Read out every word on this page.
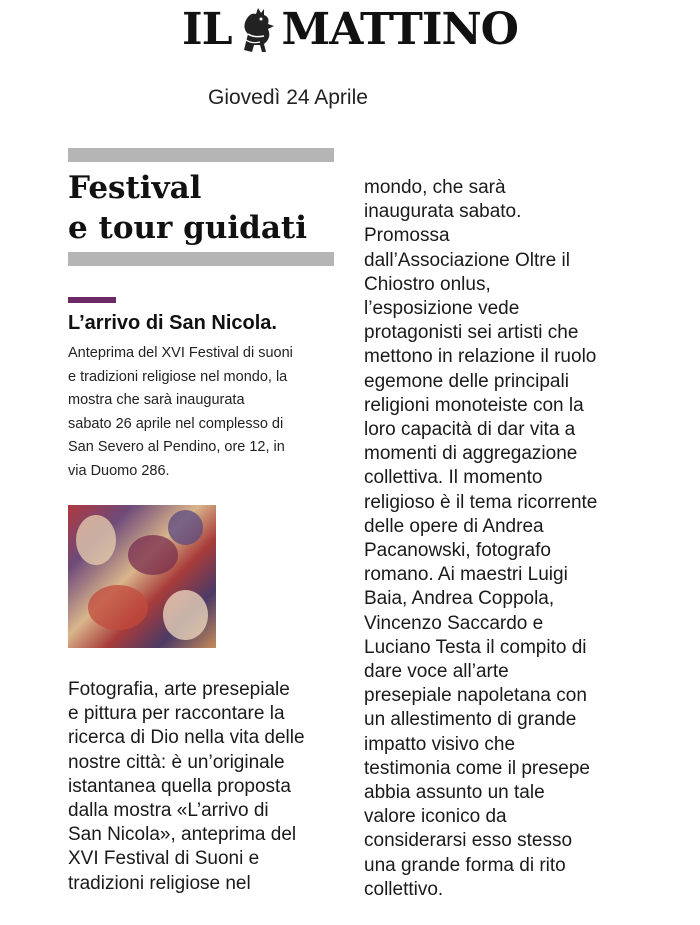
IL MATTINO
Giovedì 24 Aprile
Festival
e tour guidati
L’arrivo di San Nicola.
Anteprima del XVI Festival di suoni
e tradizioni religiose nel mondo, la
mostra che sarà inaugurata
sabato 26 aprile nel complesso di
San Severo al Pendino, ore 12, in
via Duomo 286.
Fotografia, arte presepiale
e pittura per raccontare la
ricerca di Dio nella vita delle
nostre città: è un’originale
istantanea quella proposta
dalla mostra «L’arrivo di
San Nicola», anteprima del
XVI Festival di Suoni e
tradizioni religiose nel
mondo, che sarà
inaugurata sabato.
Promossa
dall’Associazione Oltre il
Chiostro onlus,
l’esposizione vede
protagonisti sei artisti che
mettono in relazione il ruolo
egemone delle principali
religioni monoteiste con la
loro capacità di dar vita a
momenti di aggregazione
collettiva. Il momento
religioso è il tema ricorrente
delle opere di Andrea
Pacanowski, fotografo
romano. Ai maestri Luigi
Baia, Andrea Coppola,
Vincenzo Saccardo e
Luciano Testa il compito di
dare voce all’arte
presepiale napoletana con
un allestimento di grande
impatto visivo che
testimonia come il presepe
abbia assunto un tale
valore iconico da
considerarsi esso stesso
una grande forma di rito
collettivo.
